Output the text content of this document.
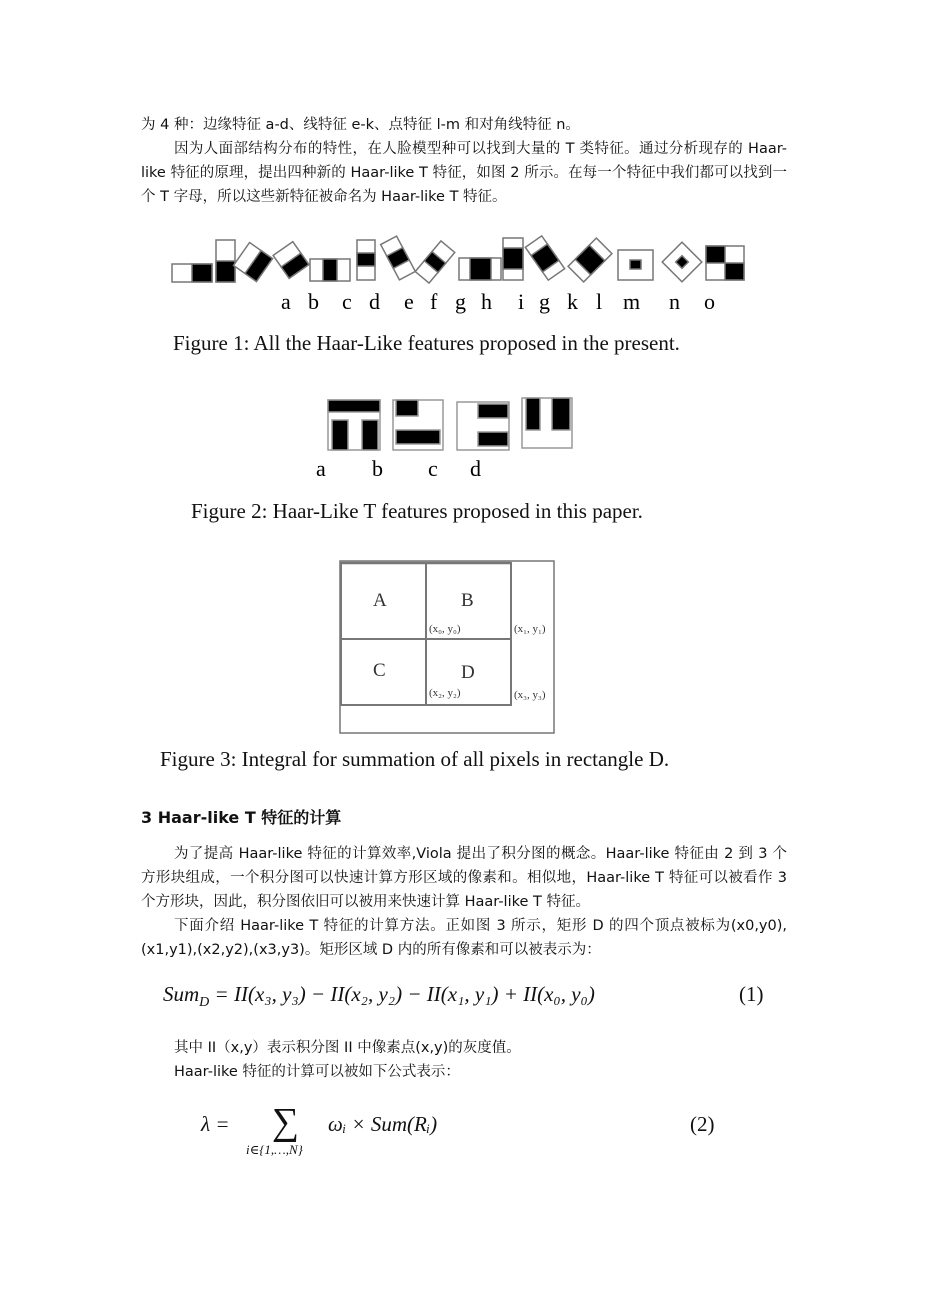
为 4 种：边缘特征 a-d、线特征 e-k、点特征 l-m 和对角线特征 n。

因为人面部结构分布的特性，在人脸模型种可以找到大量的 T 类特征。通过分析现存的 Haar-like 特征的原理，提出四种新的 Haar-like T 特征，如图 2 所示。在每一个特征中我们都可以找到一个 T 字母，所以这些新特征被命名为 Haar-like T 特征。

a b c d e f g h i g k l m n o
Figure 1: All the Haar-Like features proposed in the present.
a b c d
Figure 2: Haar-Like T features proposed in this paper.
A	B
C	D
(x₀, y₀)	(x₁, y₁)
(x₂, y₂)	(x₃, y₃)
Figure 3: Integral for summation of all pixels in rectangle D.
3 Haar-like T 特征的计算

为了提高 Haar-like 特征的计算效率,Viola 提出了积分图的概念。Haar-like 特征由 2 到 3 个方形块组成，一个积分图可以快速计算方形区域的像素和。相似地，Haar-like T 特征可以被看作 3 个方形块，因此，积分图依旧可以被用来快速计算 Haar-like T 特征。

下面介绍 Haar-like T 特征的计算方法。正如图 3 所示，矩形 D 的四个顶点被标为(x0,y0),(x1,y1),(x2,y2),(x3,y3)。矩形区域 D 内的所有像素和可以被表示为：

Sum$_D$ = II(x₃, y₃) − II(x₂, y₂) − II(x₁, y₁) + II(x₀, y₀)	(1)

其中 II（x,y）表示积分图 II 中像素点(x,y)的灰度值。

Haar-like 特征的计算可以被如下公式表示：

λ = ∑
i∈{1,…,N}
ωᵢ × Sum(Rᵢ)	(2)
